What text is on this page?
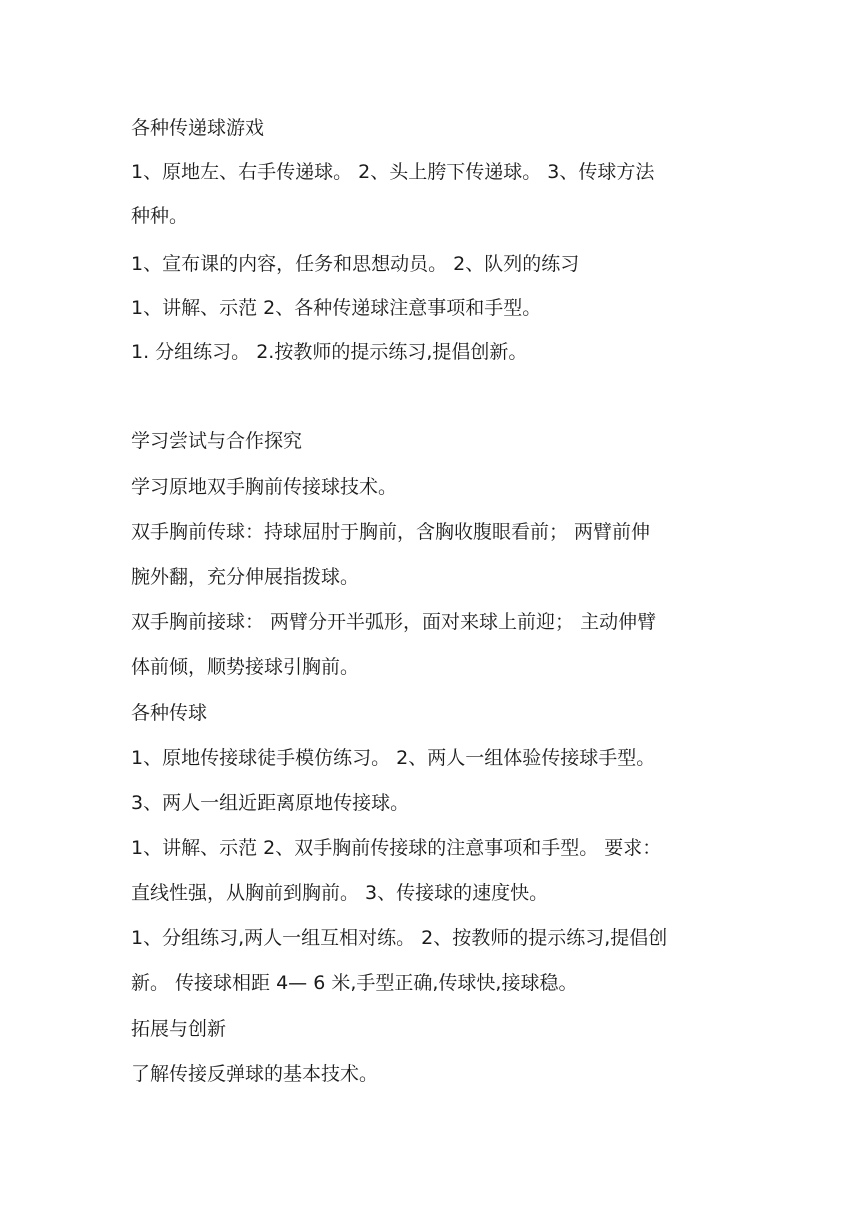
各种传递球游戏
1、原地左、右手传递球。 2、头上胯下传递球。 3、传球方法
种种。
1、宣布课的内容，任务和思想动员。 2、队列的练习
1、讲解、示范 2、各种传递球注意事项和手型。
1. 分组练习。 2.按教师的提示练习,提倡创新。
学习尝试与合作探究
学习原地双手胸前传接球技术。
双手胸前传球：持球屈肘于胸前，含胸收腹眼看前； 两臂前伸
腕外翻，充分伸展指拨球。
双手胸前接球： 两臂分开半弧形，面对来球上前迎； 主动伸臂
体前倾，顺势接球引胸前。
各种传球
1、原地传接球徒手模仿练习。 2、两人一组体验传接球手型。
3、两人一组近距离原地传接球。
1、讲解、示范 2、双手胸前传接球的注意事项和手型。 要求：
直线性强，从胸前到胸前。 3、传接球的速度快。
1、分组练习,两人一组互相对练。 2、按教师的提示练习,提倡创
新。 传接球相距 4— 6 米,手型正确,传球快,接球稳。
拓展与创新
了解传接反弹球的基本技术。
